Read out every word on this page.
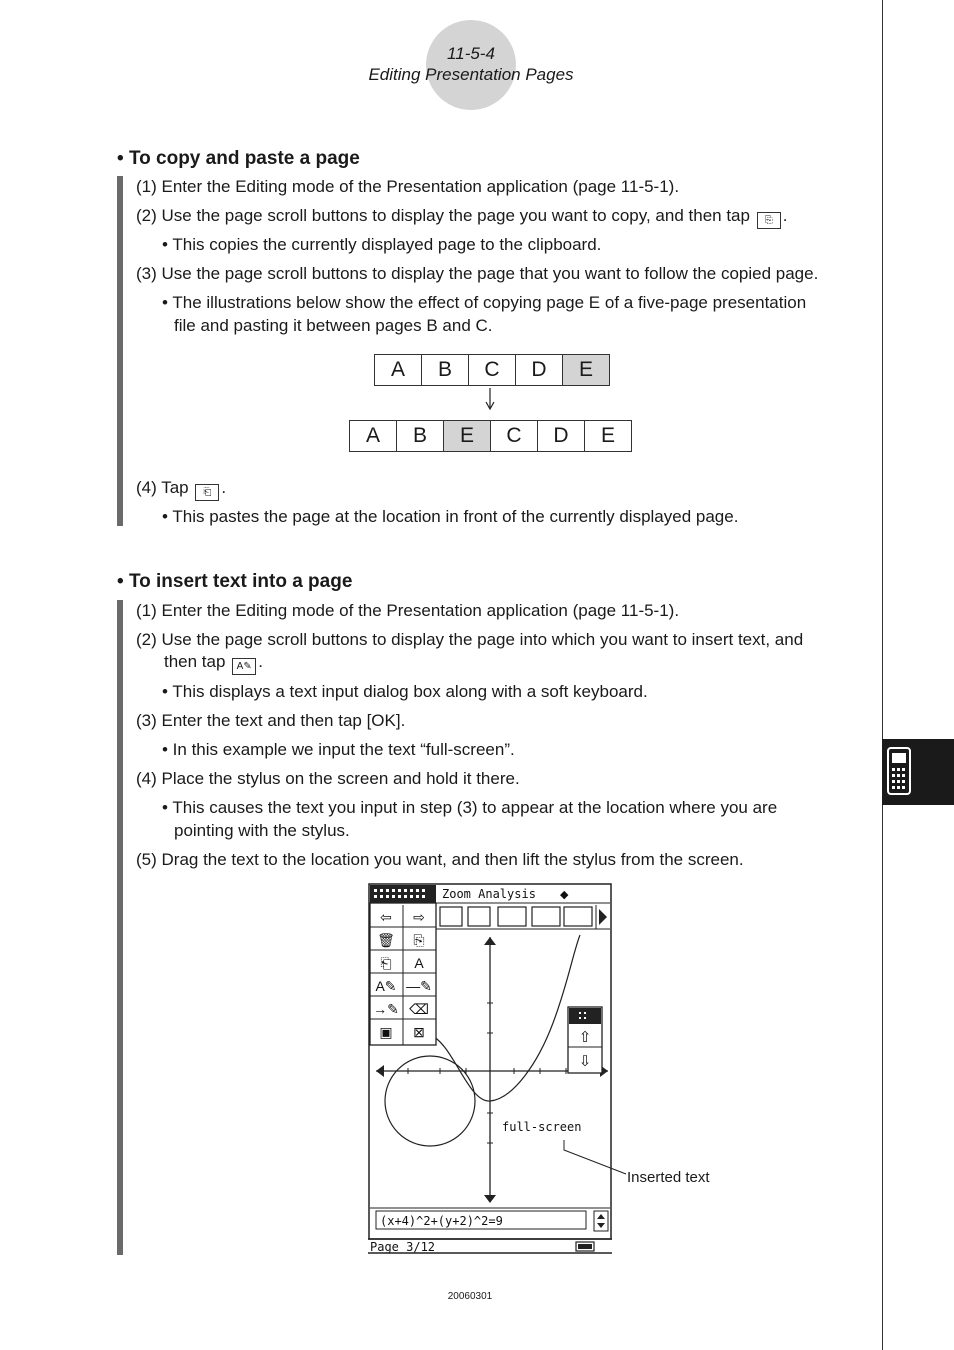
11-5-4
Editing Presentation Pages
• To copy and paste a page
(1) Enter the Editing mode of the Presentation application (page 11-5-1).
(2) Use the page scroll buttons to display the page you want to copy, and then tap ⎘ .
• This copies the currently displayed page to the clipboard.
(3) Use the page scroll buttons to display the page that you want to follow the copied page.
• The illustrations below show the effect of copying page E of a five-page presentation
file and pasting it between pages B and C.
A	B	C	D	E
A	B	E	C	D	E
(4) Tap ⎗ .
• This pastes the page at the location in front of the currently displayed page.
• To insert text into a page
(1) Enter the Editing mode of the Presentation application (page 11-5-1).
(2) Use the page scroll buttons to display the page into which you want to insert text, and
then tap A✎ .
• This displays a text input dialog box along with a soft keyboard.
(3) Enter the text and then tap [OK].
• In this example we input the text “full-screen”.
(4) Place the stylus on the screen and hold it there.
• This causes the text you input in step (3) to appear at the location where you are
pointing with the stylus.
(5) Drag the text to the location you want, and then lift the stylus from the screen.
Zoom Analysis ◆
full-screen
⇦ ⇨
🗑 ⎘
⎗ A
A✎ —✎
→✎ ⌫
▣ ⊠	⇧
⇩
(x+4)^2+(y+2)^2=9
Page 3/12
Inserted text
20060301
